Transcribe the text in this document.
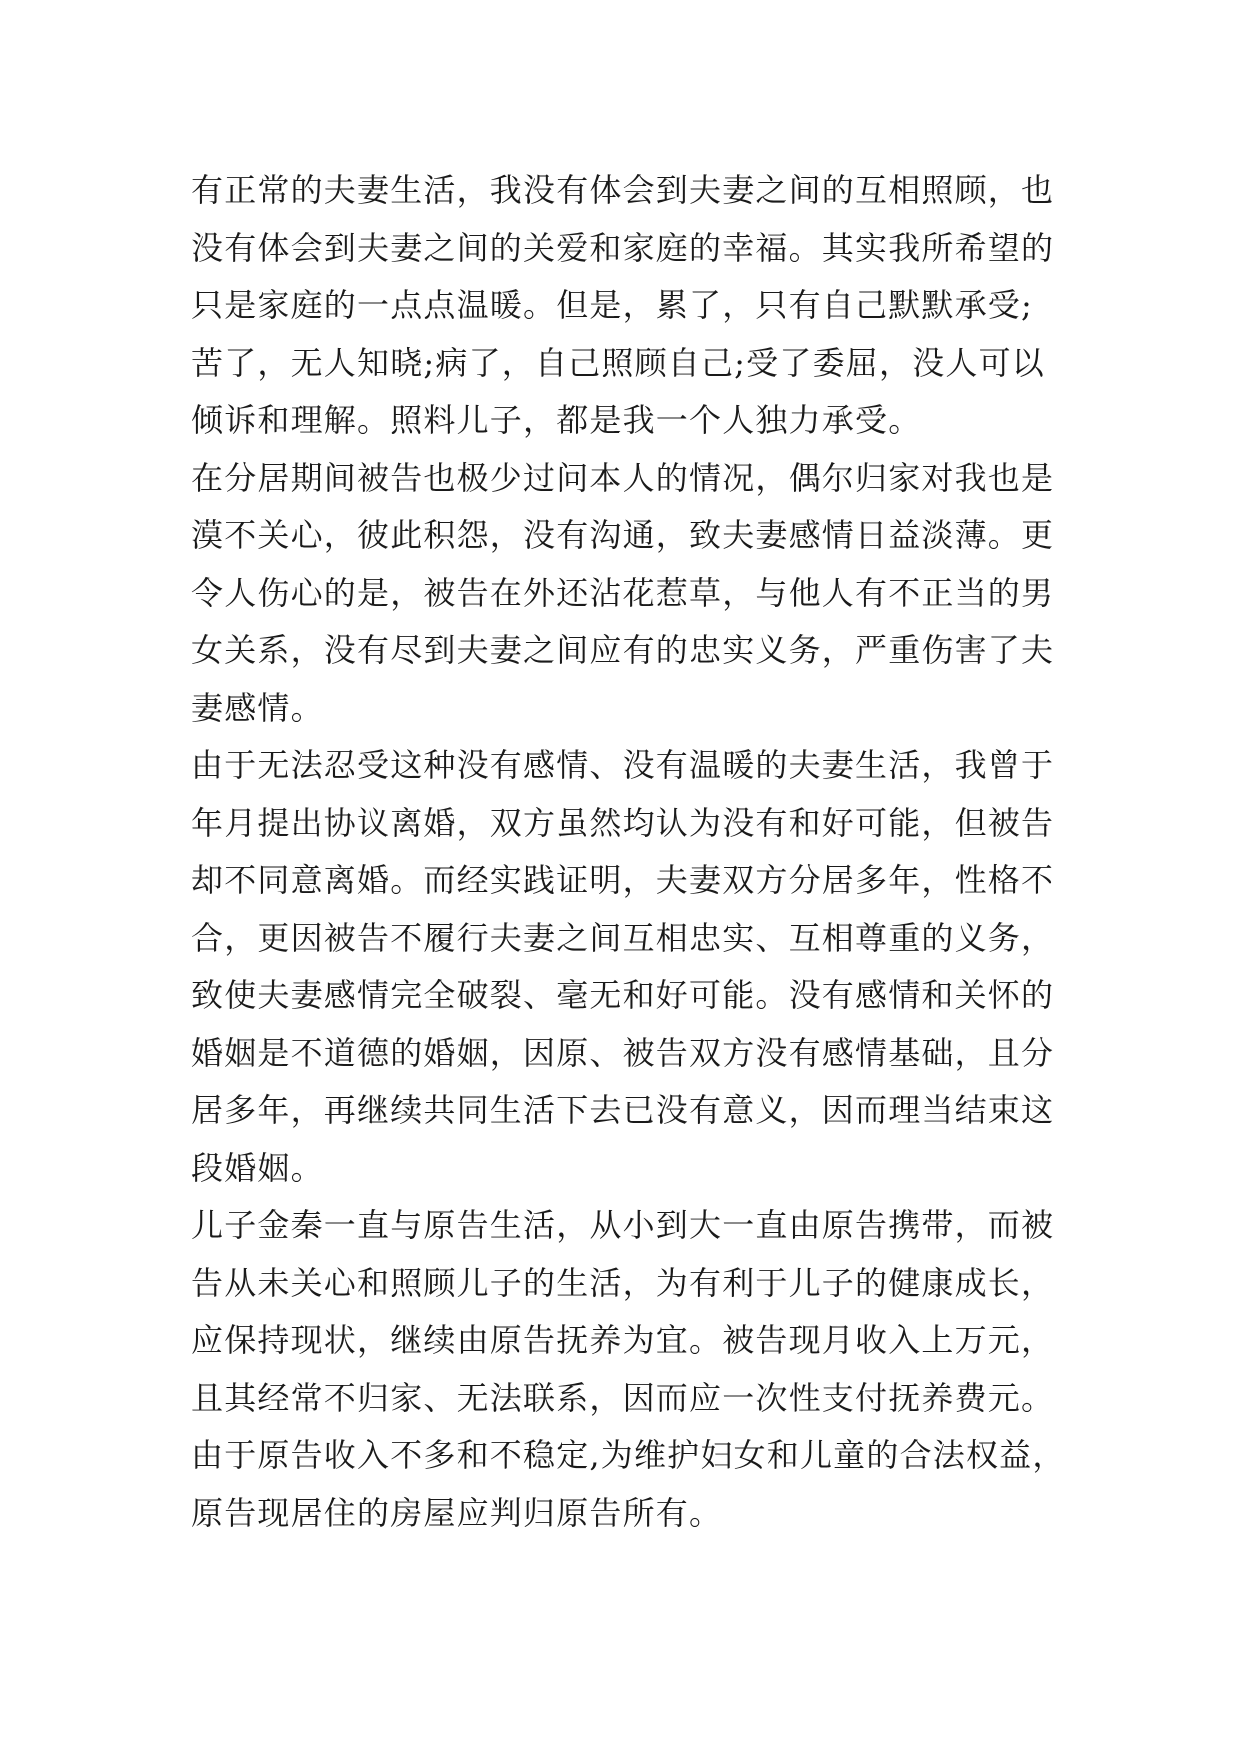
有正常的夫妻生活，我没有体会到夫妻之间的互相照顾，也
没有体会到夫妻之间的关爱和家庭的幸福。其实我所希望的
只是家庭的一点点温暖。但是，累了，只有自己默默承受;
苦了，无人知晓;病了，自己照顾自己;受了委屈，没人可以
倾诉和理解。照料儿子，都是我一个人独力承受。
在分居期间被告也极少过问本人的情况，偶尔归家对我也是
漠不关心，彼此积怨，没有沟通，致夫妻感情日益淡薄。更
令人伤心的是，被告在外还沾花惹草，与他人有不正当的男
女关系，没有尽到夫妻之间应有的忠实义务，严重伤害了夫
妻感情。
由于无法忍受这种没有感情、没有温暖的夫妻生活，我曾于
年月提出协议离婚，双方虽然均认为没有和好可能，但被告
却不同意离婚。而经实践证明，夫妻双方分居多年，性格不
合，更因被告不履行夫妻之间互相忠实、互相尊重的义务，
致使夫妻感情完全破裂、毫无和好可能。没有感情和关怀的
婚姻是不道德的婚姻，因原、被告双方没有感情基础，且分
居多年，再继续共同生活下去已没有意义，因而理当结束这
段婚姻。
儿子金秦一直与原告生活，从小到大一直由原告携带，而被
告从未关心和照顾儿子的生活，为有利于儿子的健康成长，
应保持现状，继续由原告抚养为宜。被告现月收入上万元，
且其经常不归家、无法联系，因而应一次性支付抚养费元。
由于原告收入不多和不稳定,为维护妇女和儿童的合法权益，
原告现居住的房屋应判归原告所有。
